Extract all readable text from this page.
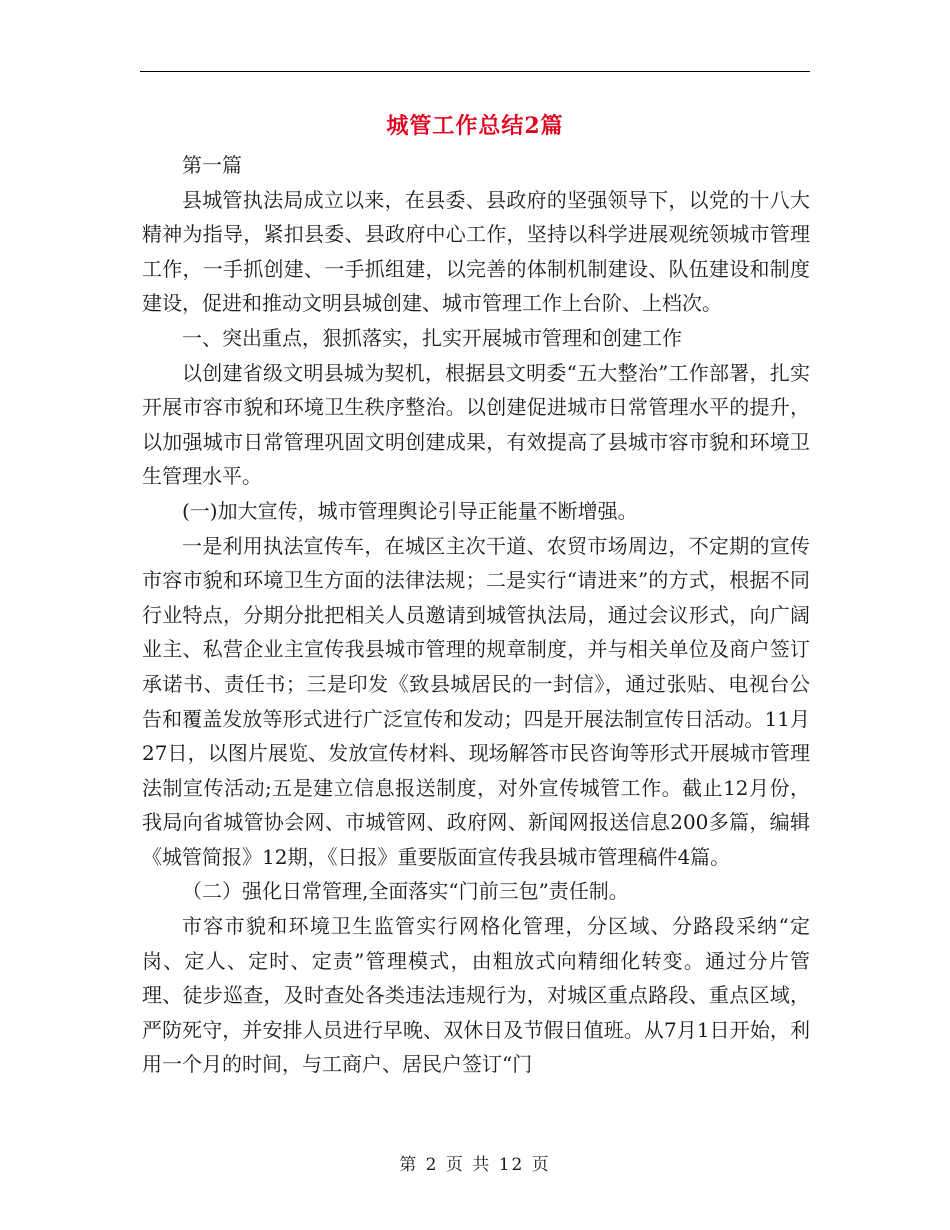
城管工作总结2篇

第一篇

县城管执法局成立以来，在县委、县政府的坚强领导下，以党的十八大精神为指导，紧扣县委、县政府中心工作，坚持以科学进展观统领城市管理工作，一手抓创建、一手抓组建，以完善的体制机制建设、队伍建设和制度建设，促进和推动文明县城创建、城市管理工作上台阶、上档次。

一、突出重点，狠抓落实，扎实开展城市管理和创建工作

以创建省级文明县城为契机，根据县文明委“五大整治”工作部署，扎实开展市容市貌和环境卫生秩序整治。以创建促进城市日常管理水平的提升，以加强城市日常管理巩固文明创建成果，有效提高了县城市容市貌和环境卫生管理水平。

(一)加大宣传，城市管理舆论引导正能量不断增强。

一是利用执法宣传车，在城区主次干道、农贸市场周边，不定期的宣传市容市貌和环境卫生方面的法律法规；二是实行“请进来”的方式，根据不同行业特点，分期分批把相关人员邀请到城管执法局，通过会议形式，向广阔业主、私营企业主宣传我县城市管理的规章制度，并与相关单位及商户签订承诺书、责任书；三是印发《致县城居民的一封信》，通过张贴、电视台公告和覆盖发放等形式进行广泛宣传和发动；四是开展法制宣传日活动。11月27日，以图片展览、发放宣传材料、现场解答市民咨询等形式开展城市管理法制宣传活动;五是建立信息报送制度，对外宣传城管工作。截止12月份，我局向省城管协会网、市城管网、政府网、新闻网报送信息200多篇，编辑《城管简报》12期，《日报》重要版面宣传我县城市管理稿件4篇。

（二）强化日常管理,全面落实“门前三包”责任制。

市容市貌和环境卫生监管实行网格化管理，分区域、分路段采纳“定岗、定人、定时、定责”管理模式，由粗放式向精细化转变。通过分片管理、徒步巡查，及时查处各类违法违规行为，对城区重点路段、重点区域，严防死守，并安排人员进行早晚、双休日及节假日值班。从7月1日开始，利用一个月的时间，与工商户、居民户签订“门

第 2 页 共 12 页
